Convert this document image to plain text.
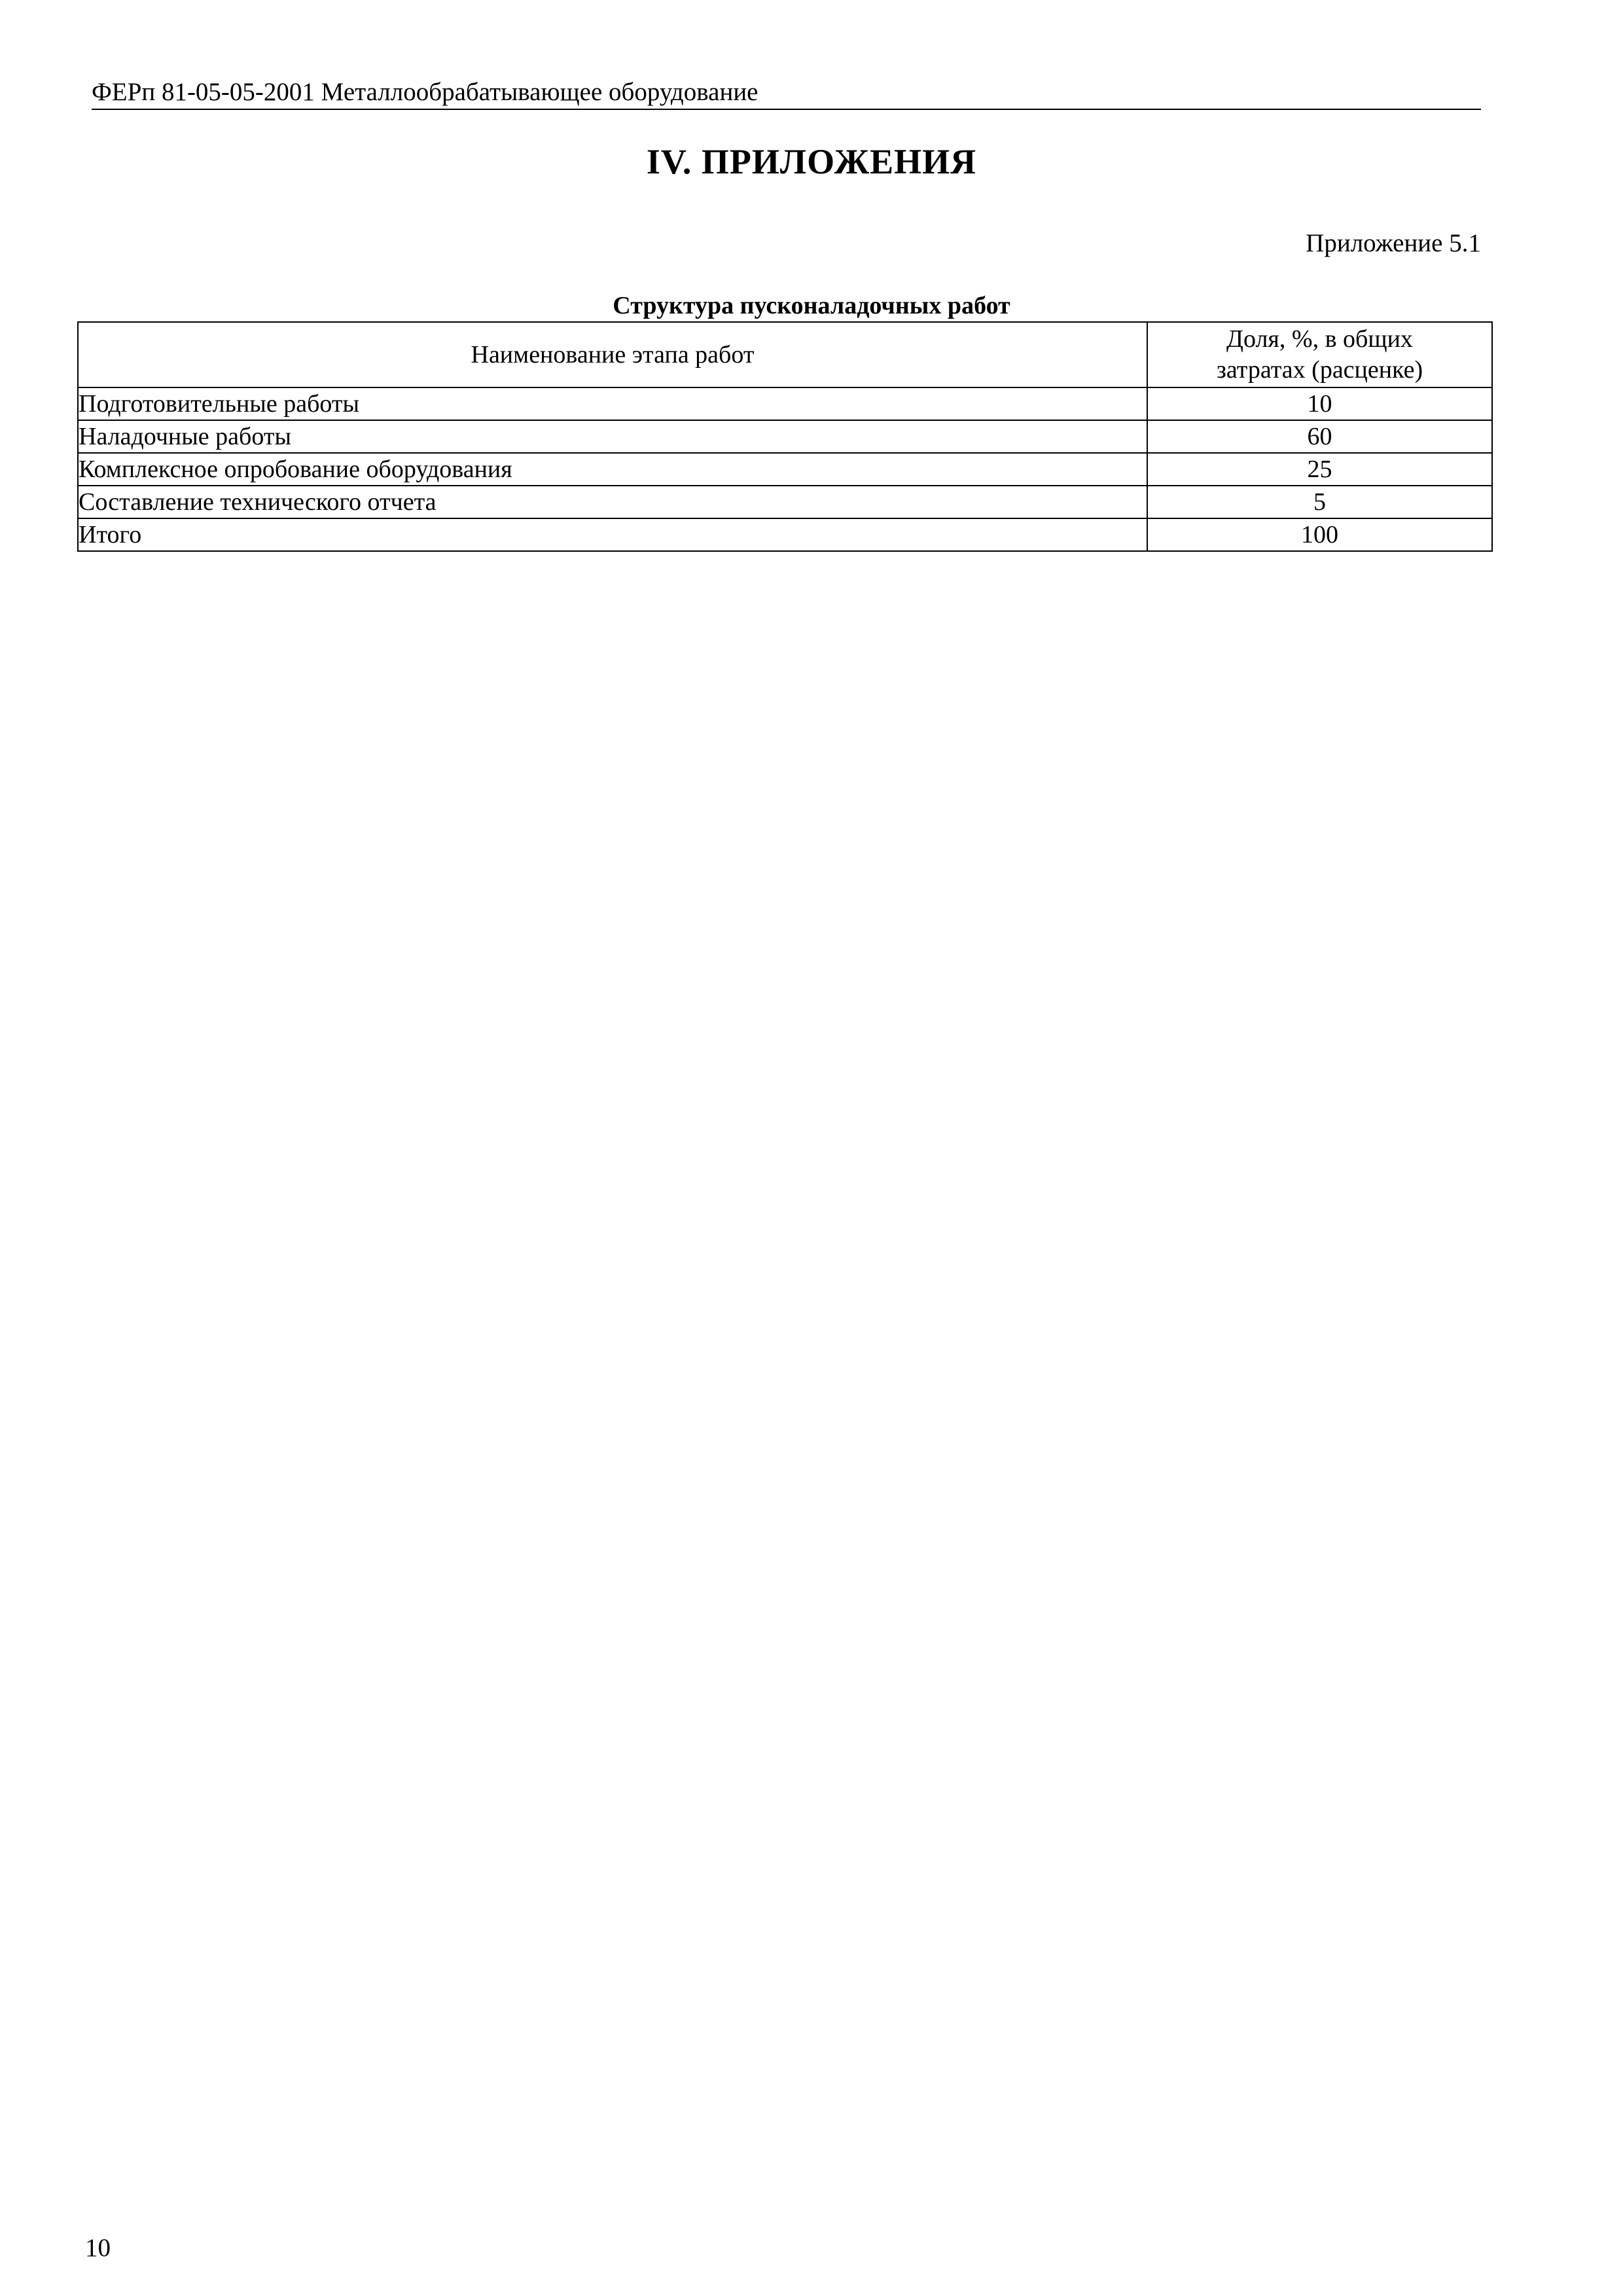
ФЕРп 81-05-05-2001 Металлообрабатывающее оборудование
IV. ПРИЛОЖЕНИЯ
Приложение 5.1
Структура пусконаладочных работ
Наименование этапа работ	Доля, %, в общих
затратах (расценке)

Подготовительные работы	10
Наладочные работы	60
Комплексное опробование оборудования	25
Составление технического отчета	5
Итого	100
10
